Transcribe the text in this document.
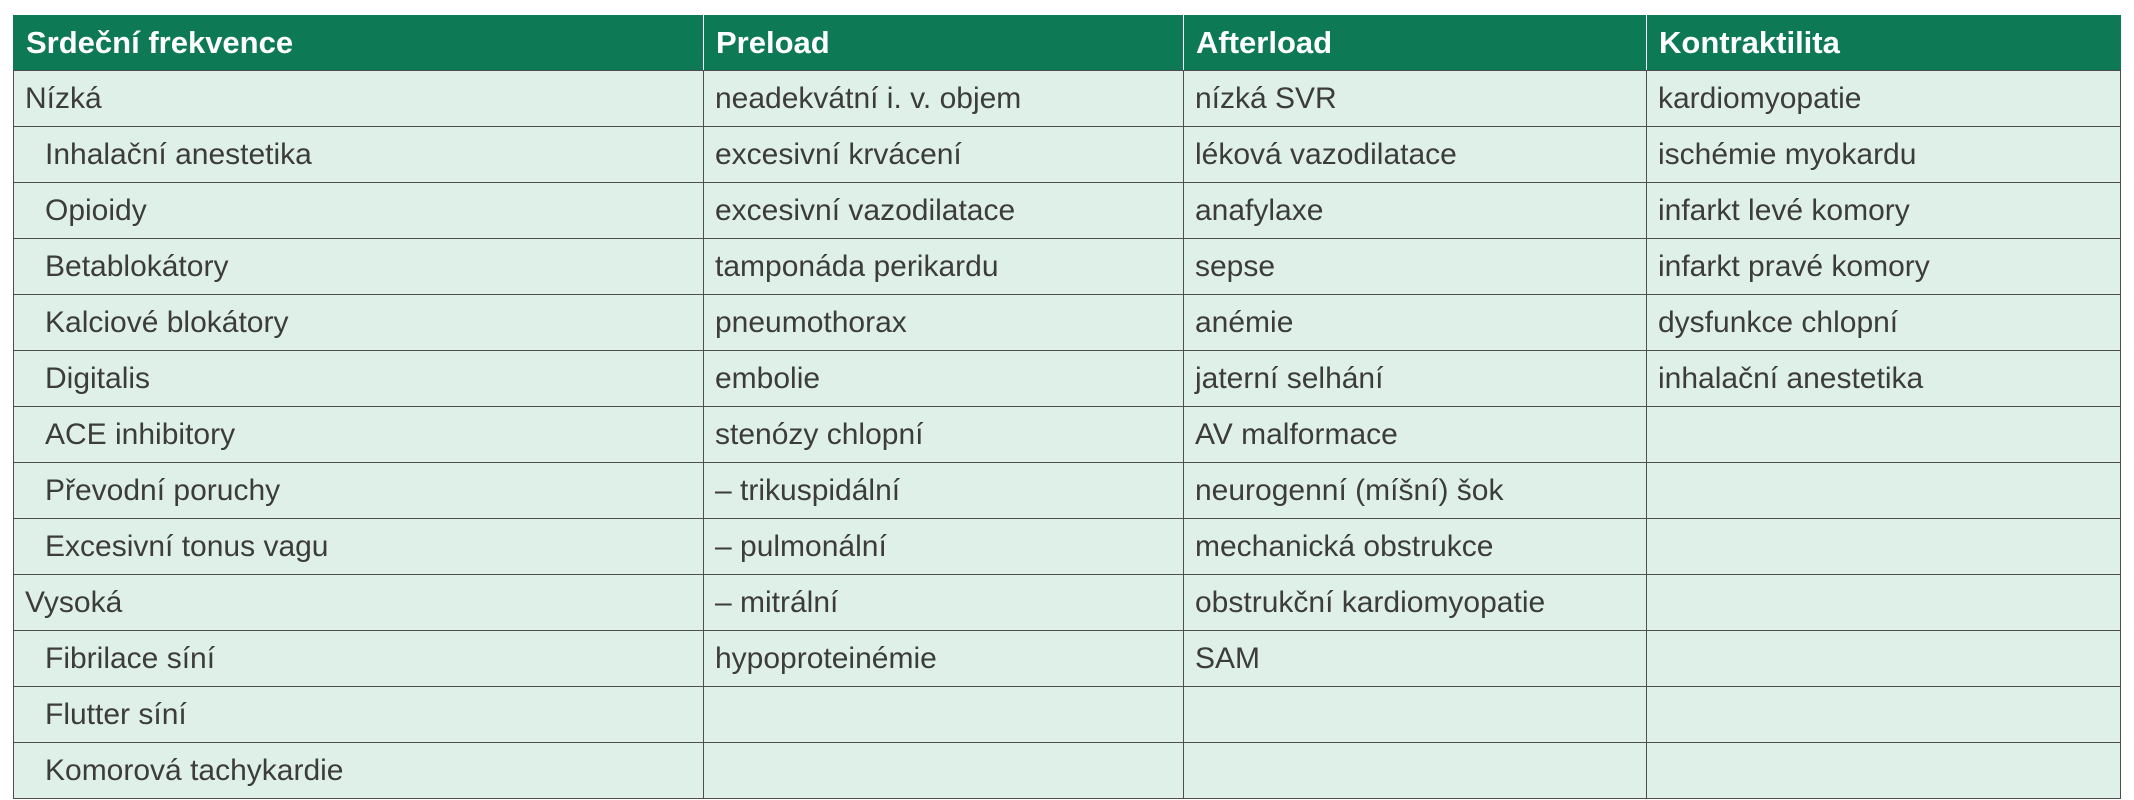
Srdeční frekvence	Preload	Afterload	Kontraktilita
Nízká	neadekvátní i. v. objem	nízká SVR	kardiomyopatie
Inhalační anestetika	excesivní krvácení	léková vazodilatace	ischémie myokardu
Opioidy	excesivní vazodilatace	anafylaxe	infarkt levé komory
Betablokátory	tamponáda perikardu	sepse	infarkt pravé komory
Kalciové blokátory	pneumothorax	anémie	dysfunkce chlopní
Digitalis	embolie	jaterní selhání	inhalační anestetika
ACE inhibitory	stenózy chlopní	AV malformace	
Převodní poruchy	– trikuspidální	neurogenní (míšní) šok	
Excesivní tonus vagu	– pulmonální	mechanická obstrukce	
Vysoká	– mitrální	obstrukční kardiomyopatie	
Fibrilace síní	hypoproteinémie	SAM	
Flutter síní			
Komorová tachykardie			
